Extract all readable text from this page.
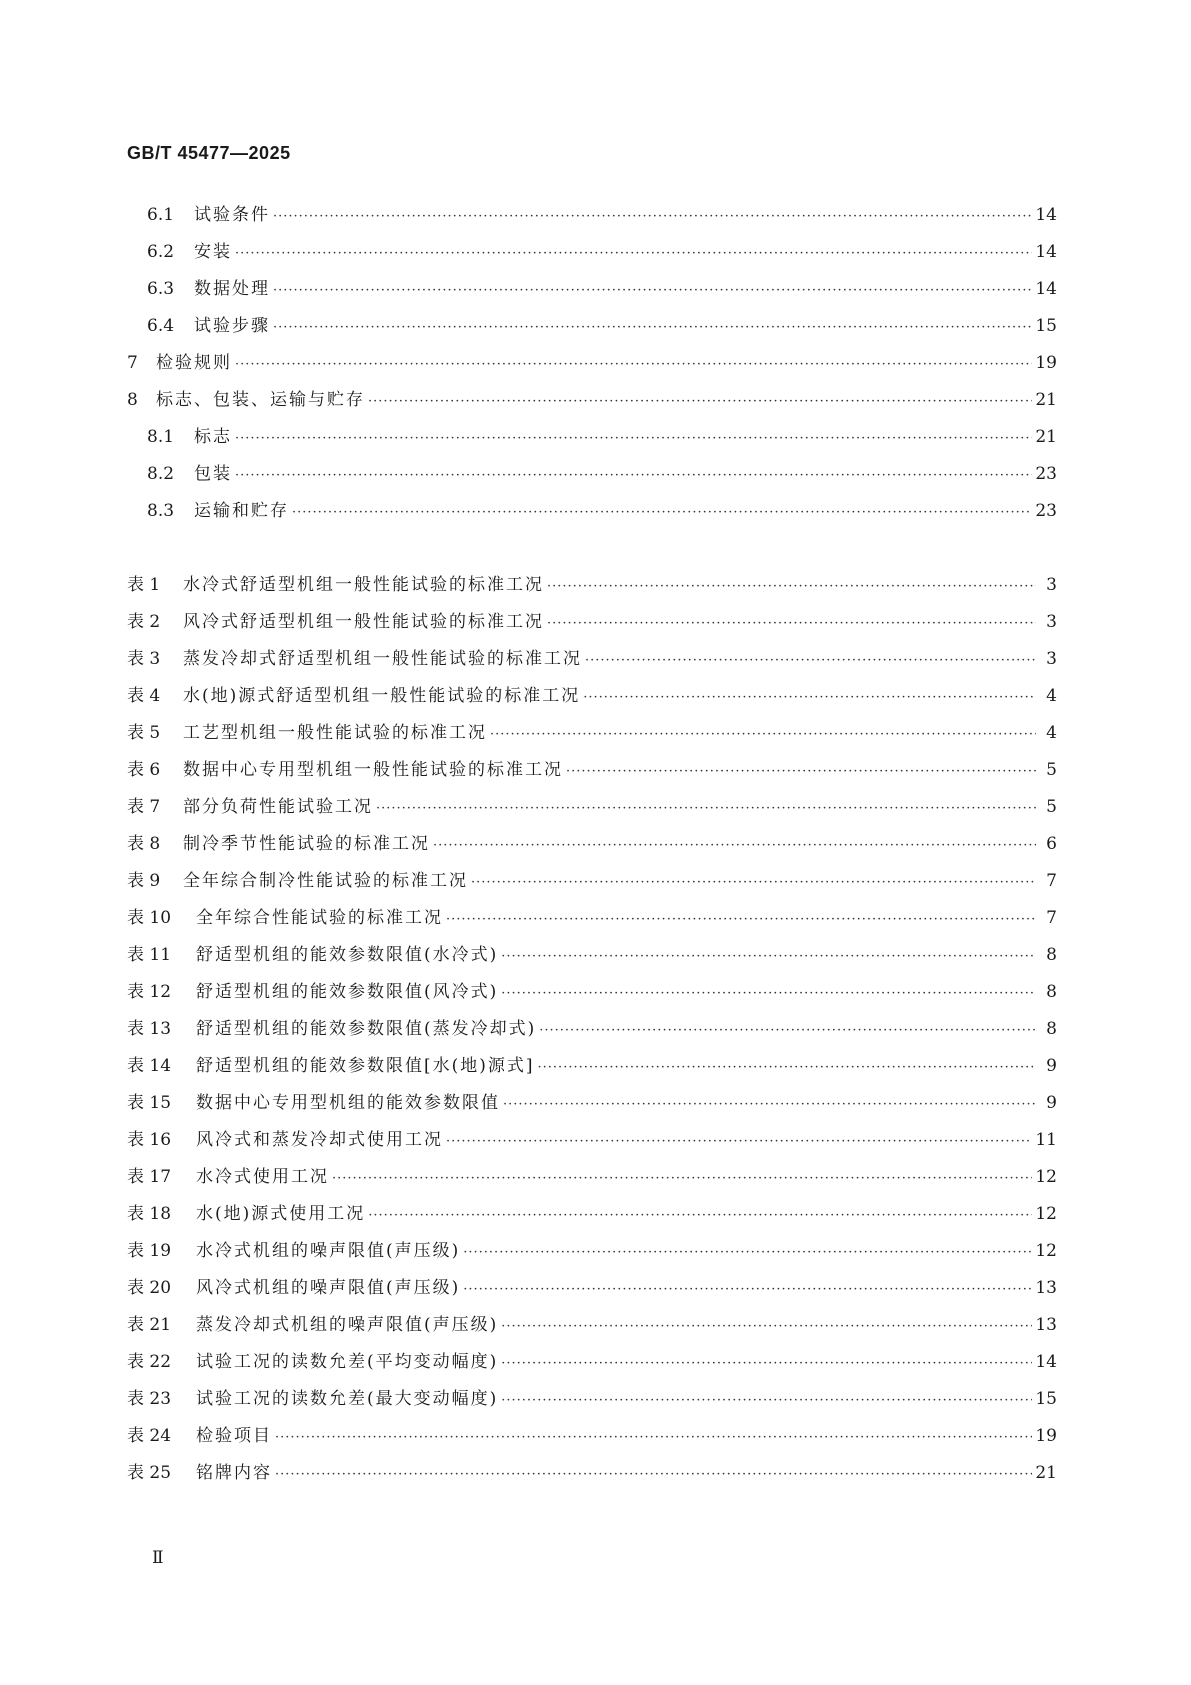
GB/T 45477—2025
6.1	试验条件 ·····	14
6.2	安装 ·····	14
6.3	数据处理 ·····	14
6.4	试验步骤 ·····	15
7	检验规则 ·····	19
8	标志、包装、运输与贮存 ·····	21
8.1	标志 ·····	21
8.2	包装 ·····	23
8.3	运输和贮存 ·····	23
表 1	水冷式舒适型机组一般性能试验的标准工况 ·····	3
表 2	风冷式舒适型机组一般性能试验的标准工况 ·····	3
表 3	蒸发冷却式舒适型机组一般性能试验的标准工况 ·····	3
表 4	水(地)源式舒适型机组一般性能试验的标准工况 ·····	4
表 5	工艺型机组一般性能试验的标准工况 ·····	4
表 6	数据中心专用型机组一般性能试验的标准工况 ·····	5
表 7	部分负荷性能试验工况 ·····	5
表 8	制冷季节性能试验的标准工况 ·····	6
表 9	全年综合制冷性能试验的标准工况 ·····	7
表 10	全年综合性能试验的标准工况 ·····	7
表 11	舒适型机组的能效参数限值(水冷式) ·····	8
表 12	舒适型机组的能效参数限值(风冷式) ·····	8
表 13	舒适型机组的能效参数限值(蒸发冷却式) ·····	8
表 14	舒适型机组的能效参数限值[水(地)源式] ·····	9
表 15	数据中心专用型机组的能效参数限值 ·····	9
表 16	风冷式和蒸发冷却式使用工况 ·····	11
表 17	水冷式使用工况 ·····	12
表 18	水(地)源式使用工况 ·····	12
表 19	水冷式机组的噪声限值(声压级) ·····	12
表 20	风冷式机组的噪声限值(声压级) ·····	13
表 21	蒸发冷却式机组的噪声限值(声压级) ·····	13
表 22	试验工况的读数允差(平均变动幅度) ·····	14
表 23	试验工况的读数允差(最大变动幅度) ·····	15
表 24	检验项目 ·····	19
表 25	铭牌内容 ·····	21
Ⅱ
